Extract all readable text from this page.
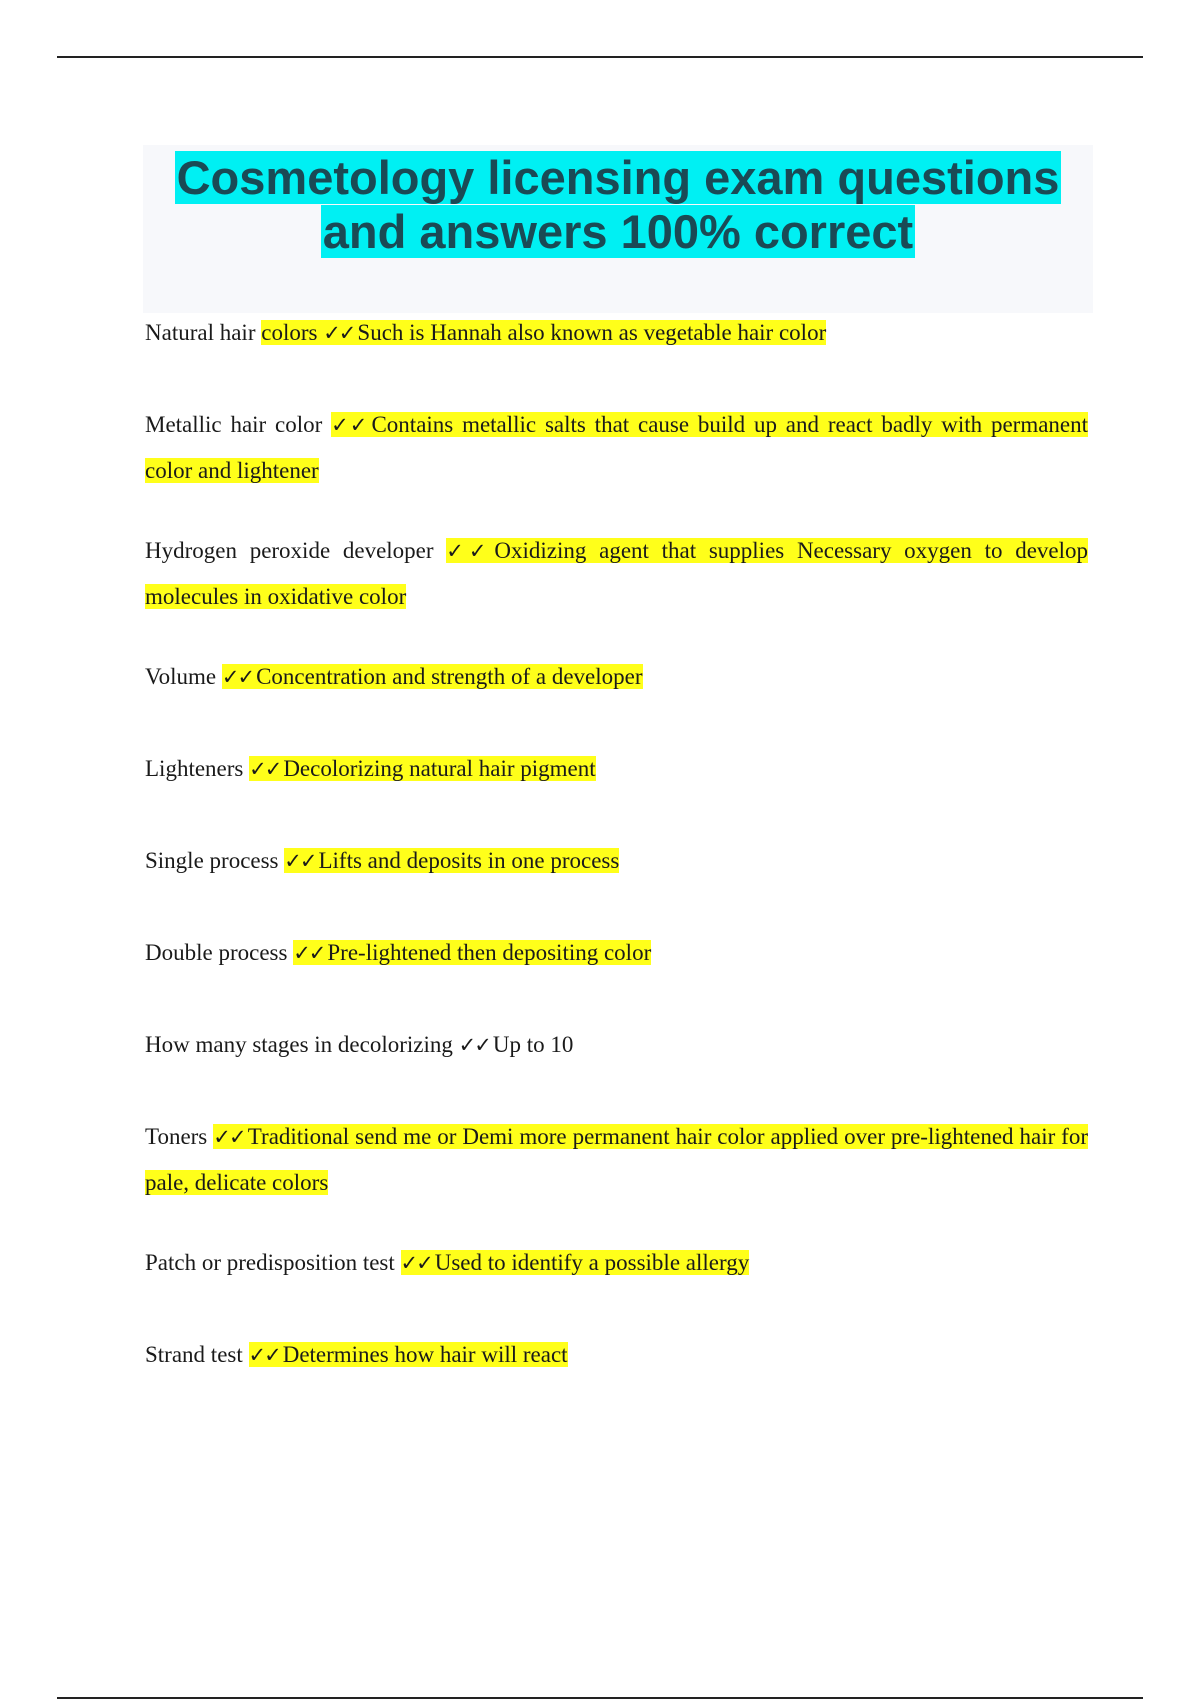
Cosmetology licensing exam questions
and answers 100% correct

Natural hair colors ✓✓ Such is Hannah also known as vegetable hair color

Metallic hair color ✓✓ Contains metallic salts that cause build up and react badly with permanent color and lightener

Hydrogen peroxide developer ✓✓ Oxidizing agent that supplies Necessary oxygen to develop molecules in oxidative color

Volume ✓✓ Concentration and strength of a developer

Lighteners ✓✓ Decolorizing natural hair pigment

Single process ✓✓ Lifts and deposits in one process

Double process ✓✓ Pre-lightened then depositing color

How many stages in decolorizing ✓✓ Up to 10

Toners ✓✓ Traditional send me or Demi more permanent hair color applied over pre-lightened hair for pale, delicate colors

Patch or predisposition test ✓✓ Used to identify a possible allergy

Strand test ✓✓ Determines how hair will react
